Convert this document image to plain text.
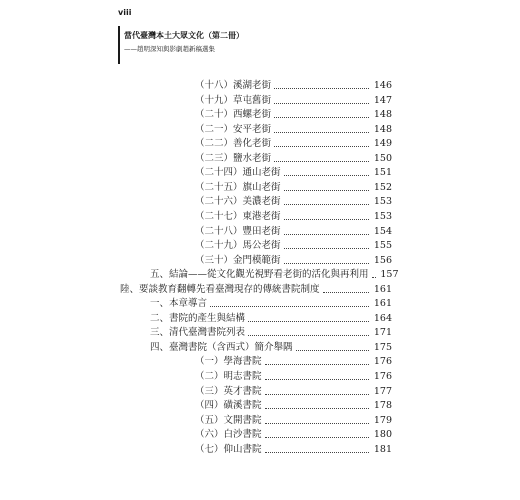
viii
當代臺灣本土大眾文化（第二冊）
——趙明深知與影劇趙新稿選集
（十八）溪湖老街	146
（十九）草屯舊街	147
（二十）西螺老街	148
（二一）安平老街	148
（二二）善化老街	149
（二三）鹽水老街	150
（二十四）通山老街	151
（二十五）旗山老街	152
（二十六）美濃老街	153
（二十七）東港老街	153
（二十八）豐田老街	154
（二十九）馬公老街	155
（三十）金門模範街	156
五、結論——從文化觀光視野看老街的活化與再利用 157
陸、要談教育翻轉先看臺灣現存的傳統書院制度	161
一、本章導言	161
二、書院的產生與結構	164
三、清代臺灣書院列表	171
四、臺灣書院（含西式）簡介舉隅	175
（一）學海書院	176
（二）明志書院	176
（三）英才書院	177
（四）磺溪書院	178
（五）文開書院	179
（六）白沙書院	180
（七）仰山書院	181
